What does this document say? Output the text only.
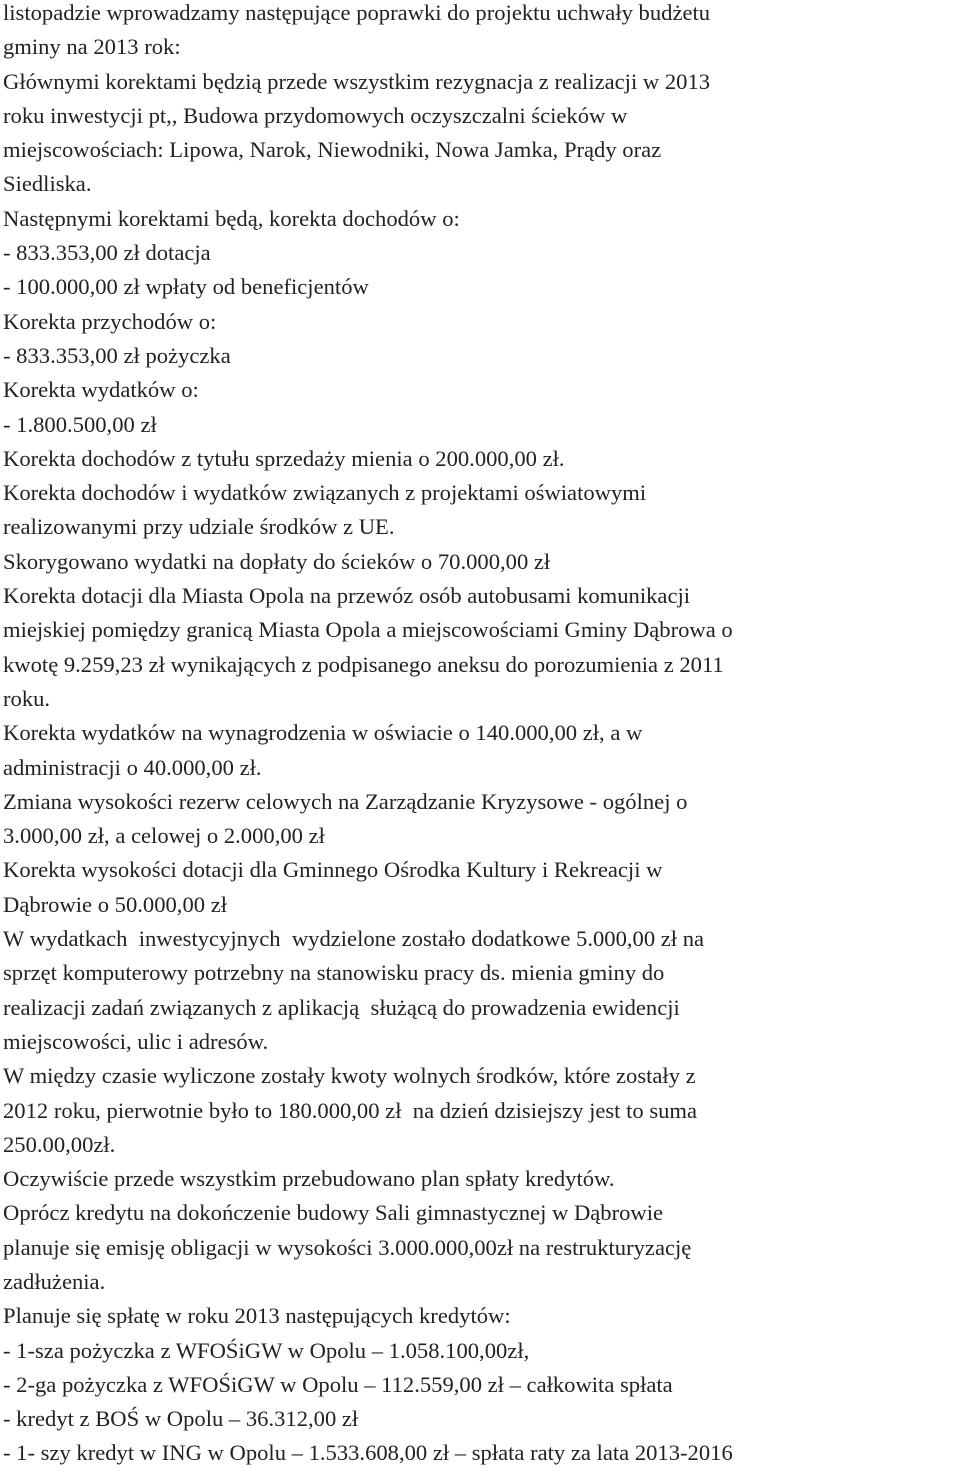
listopadzie wprowadzamy następujące poprawki do projektu uchwały budżetu
gminy na 2013 rok:
Głównymi korektami będzią przede wszystkim rezygnacja z realizacji w 2013
roku inwestycji pt,, Budowa przydomowych oczyszczalni ścieków w
miejscowościach: Lipowa, Narok, Niewodniki, Nowa Jamka, Prądy oraz
Siedliska.
Następnymi korektami będą, korekta dochodów o:
- 833.353,00 zł dotacja
- 100.000,00 zł wpłaty od beneficjentów
Korekta przychodów o:
- 833.353,00 zł pożyczka
Korekta wydatków o:
- 1.800.500,00 zł
Korekta dochodów z tytułu sprzedaży mienia o 200.000,00 zł.
Korekta dochodów i wydatków związanych z projektami oświatowymi
realizowanymi przy udziale środków z UE.
Skorygowano wydatki na dopłaty do ścieków o 70.000,00 zł
Korekta dotacji dla Miasta Opola na przewóz osób autobusami komunikacji
miejskiej pomiędzy granicą Miasta Opola a miejscowościami Gminy Dąbrowa o
kwotę 9.259,23 zł wynikających z podpisanego aneksu do porozumienia z 2011
roku.
Korekta wydatków na wynagrodzenia w oświacie o 140.000,00 zł, a w
administracji o 40.000,00 zł.
Zmiana wysokości rezerw celowych na Zarządzanie Kryzysowe - ogólnej o
3.000,00 zł, a celowej o 2.000,00 zł
Korekta wysokości dotacji dla Gminnego Ośrodka Kultury i Rekreacji w
Dąbrowie o 50.000,00 zł
W wydatkach  inwestycyjnych  wydzielone zostało dodatkowe 5.000,00 zł na
sprzęt komputerowy potrzebny na stanowisku pracy ds. mienia gminy do
realizacji zadań związanych z aplikacją  służącą do prowadzenia ewidencji
miejscowości, ulic i adresów.
W między czasie wyliczone zostały kwoty wolnych środków, które zostały z
2012 roku, pierwotnie było to 180.000,00 zł  na dzień dzisiejszy jest to suma
250.00,00zł.
Oczywiście przede wszystkim przebudowano plan spłaty kredytów.
Oprócz kredytu na dokończenie budowy Sali gimnastycznej w Dąbrowie
planuje się emisję obligacji w wysokości 3.000.000,00zł na restrukturyzację
zadłużenia.
Planuje się spłatę w roku 2013 następujących kredytów:
- 1-sza pożyczka z WFOŚiGW w Opolu – 1.058.100,00zł,
- 2-ga pożyczka z WFOŚiGW w Opolu – 112.559,00 zł – całkowita spłata
- kredyt z BOŚ w Opolu – 36.312,00 zł
- 1- szy kredyt w ING w Opolu – 1.533.608,00 zł – spłata raty za lata 2013-2016
